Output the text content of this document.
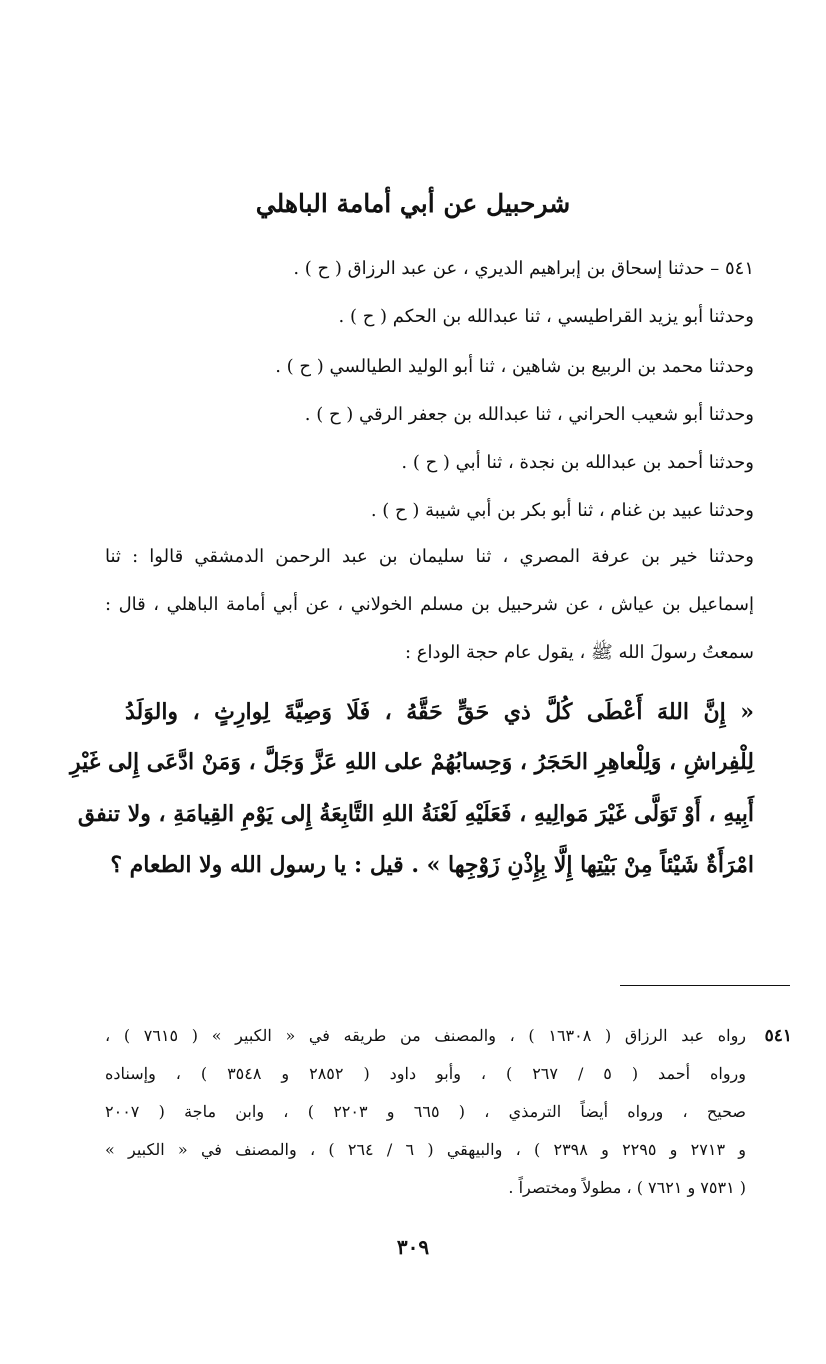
شرحبيل عن أبي أمامة الباهلي
٥٤١ – حدثنا إسحاق بن إبراهيم الديري ، عن عبد الرزاق ( ح ) .
وحدثنا أبو يزيد القراطيسي ، ثنا عبدالله بن الحكم ( ح ) .
وحدثنا محمد بن الربيع بن شاهين ، ثنا أبو الوليد الطيالسي ( ح ) .
وحدثنا أبو شعيب الحراني ، ثنا عبدالله بن جعفر الرقي ( ح ) .
وحدثنا أحمد بن عبدالله بن نجدة ، ثنا أبي ( ح ) .
وحدثنا عبيد بن غنام ، ثنا أبو بكر بن أبي شيبة ( ح ) .
وحدثنا خير بن عرفة المصري ، ثنا سليمان بن عبد الرحمن الدمشقي قالوا : ثنا
إسماعيل بن عياش ، عن شرحبيل بن مسلم الخولاني ، عن أبي أمامة الباهلي ، قال :
سمعتُ رسولَ الله ﷺ ، يقول عام حجة الوداع :
« إِنَّ اللهَ أَعْطَى كُلَّ ذي حَقٍّ حَقَّهُ ، فَلَا وَصِيَّةَ لِوارِثٍ ، والوَلَدُ
لِلْفِراشِ ، وَلِلْعاهِرِ الحَجَرُ ، وَحِسابُهُمْ على اللهِ عَزَّ وَجَلَّ ، وَمَنْ ادَّعَى إِلى غَيْرِ
أَبِيهِ ، أَوْ تَوَلَّى غَيْرَ مَوالِيهِ ، فَعَلَيْهِ لَعْنَةُ اللهِ التَّابِعَةُ إِلى يَوْمِ القِيامَةِ ، ولا تنفق
امْرَأَةٌ شَيْئاً مِنْ بَيْتِها إِلَّا بِإِذْنِ زَوْجِها » . قيل : يا رسول الله ولا الطعام ؟
٥٤١
رواه عبد الرزاق ( ١٦٣٠٨ ) ، والمصنف من طريقه في « الكبير » ( ٧٦١٥ ) ،
ورواه أحمد ( ٥ / ٢٦٧ ) ، وأبو داود ( ٢٨٥٢ و ٣٥٤٨ ) ، وإسناده
صحيح ، ورواه أيضاً الترمذي ، ( ٦٦٥ و ٢٢٠٣ ) ، وابن ماجة ( ٢٠٠٧
و ٢٧١٣ و ٢٢٩٥ و ٢٣٩٨ ) ، والبيهقي ( ٦ / ٢٦٤ ) ، والمصنف في « الكبير »
( ٧٥٣١ و ٧٦٢١ ) ، مطولاً ومختصراً .
٣٠٩
